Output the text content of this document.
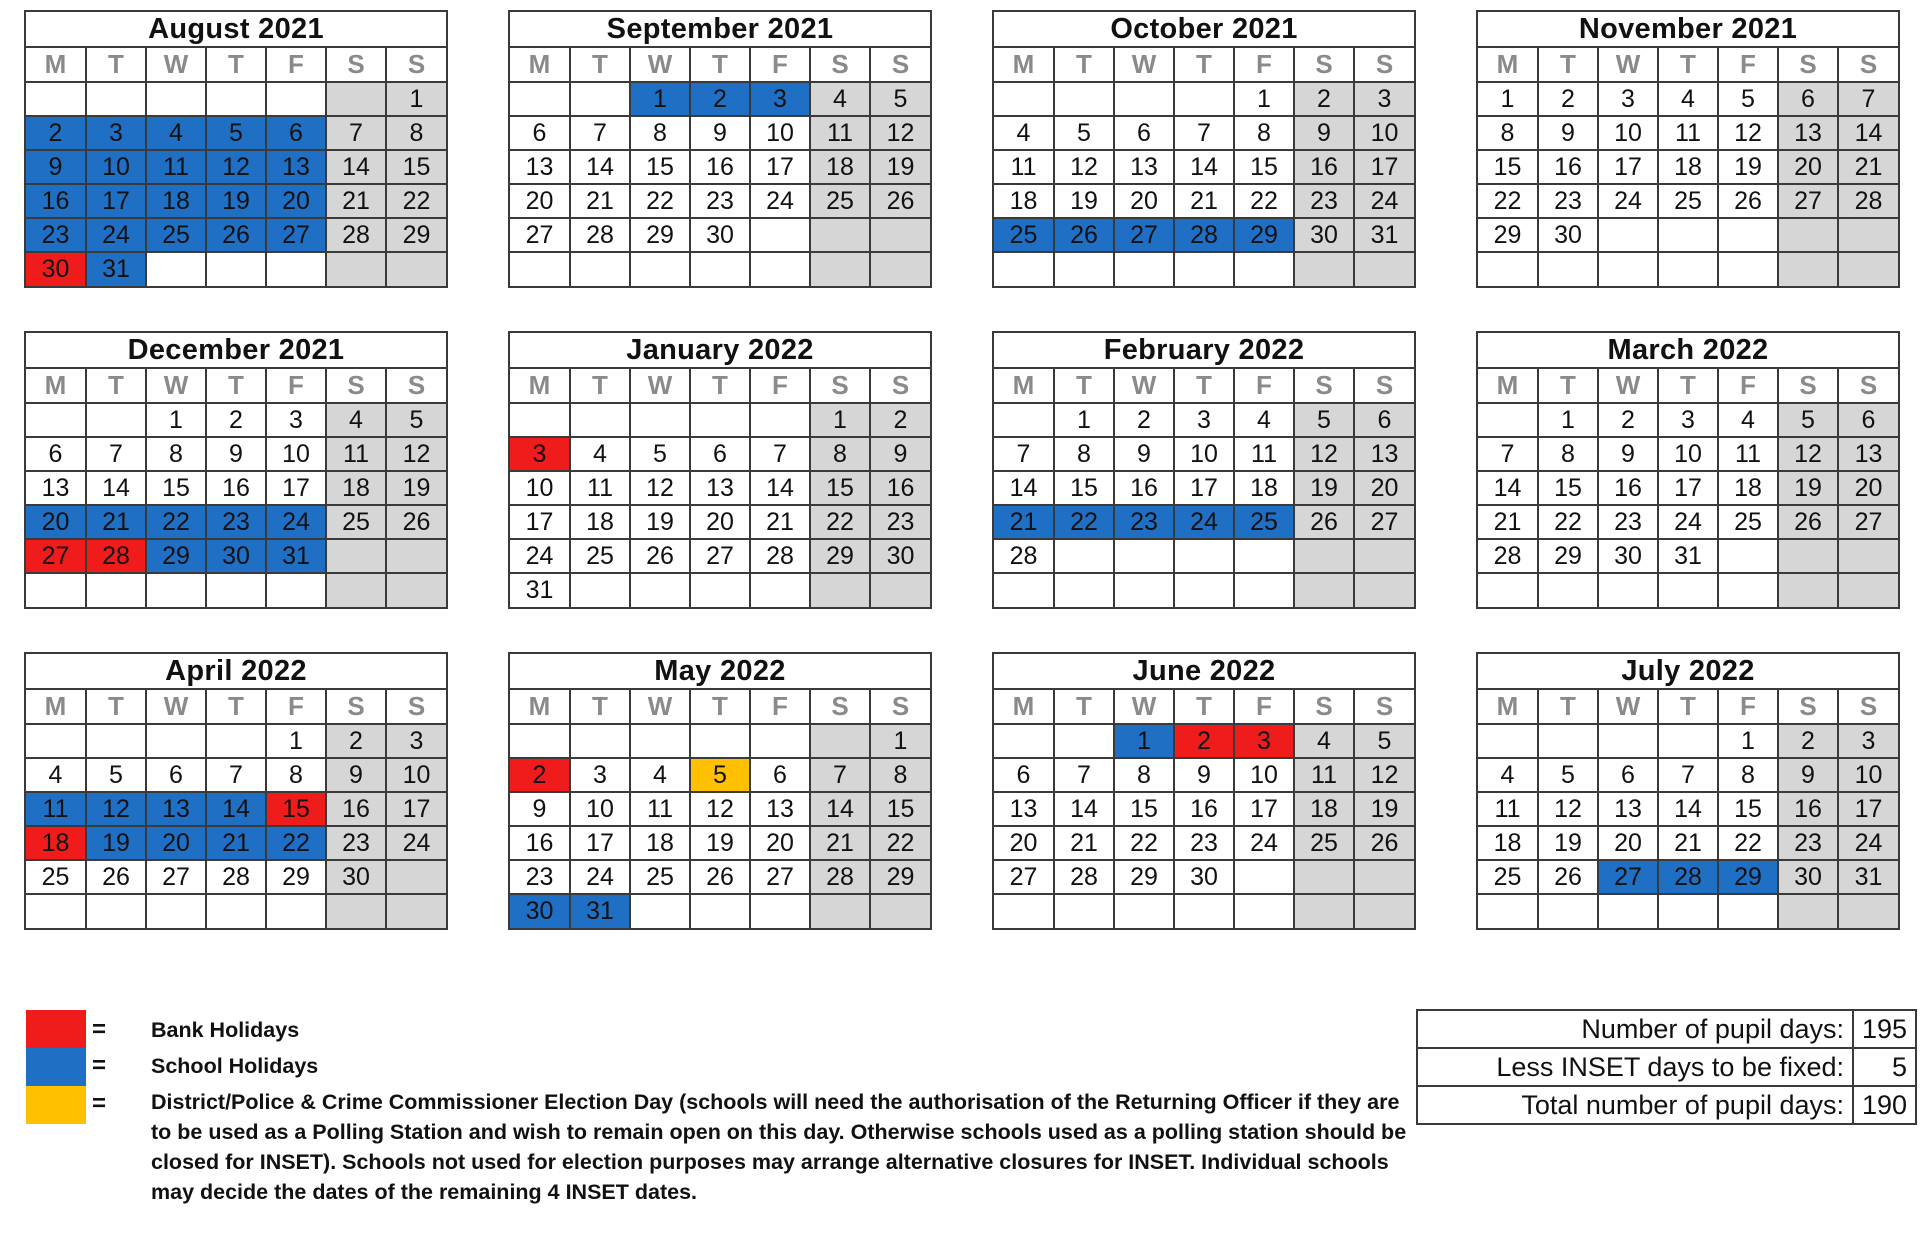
August 2021
M	T	W	T	F	S	S
						1
2	3	4	5	6	7	8
9	10	11	12	13	14	15
16	17	18	19	20	21	22
23	24	25	26	27	28	29
30	31					
September 2021
M	T	W	T	F	S	S
		1	2	3	4	5
6	7	8	9	10	11	12
13	14	15	16	17	18	19
20	21	22	23	24	25	26
27	28	29	30			

October 2021
M	T	W	T	F	S	S
				1	2	3
4	5	6	7	8	9	10
11	12	13	14	15	16	17
18	19	20	21	22	23	24
25	26	27	28	29	30	31

November 2021
M	T	W	T	F	S	S
1	2	3	4	5	6	7
8	9	10	11	12	13	14
15	16	17	18	19	20	21
22	23	24	25	26	27	28
29	30					

December 2021
M	T	W	T	F	S	S
		1	2	3	4	5
6	7	8	9	10	11	12
13	14	15	16	17	18	19
20	21	22	23	24	25	26
27	28	29	30	31		

January 2022
M	T	W	T	F	S	S
					1	2
3	4	5	6	7	8	9
10	11	12	13	14	15	16
17	18	19	20	21	22	23
24	25	26	27	28	29	30
31						
February 2022
M	T	W	T	F	S	S
	1	2	3	4	5	6
7	8	9	10	11	12	13
14	15	16	17	18	19	20
21	22	23	24	25	26	27
28						

March 2022
M	T	W	T	F	S	S
	1	2	3	4	5	6
7	8	9	10	11	12	13
14	15	16	17	18	19	20
21	22	23	24	25	26	27
28	29	30	31			

April 2022
M	T	W	T	F	S	S
				1	2	3
4	5	6	7	8	9	10
11	12	13	14	15	16	17
18	19	20	21	22	23	24
25	26	27	28	29	30	

May 2022
M	T	W	T	F	S	S
						1
2	3	4	5	6	7	8
9	10	11	12	13	14	15
16	17	18	19	20	21	22
23	24	25	26	27	28	29
30	31					
June 2022
M	T	W	T	F	S	S
		1	2	3	4	5
6	7	8	9	10	11	12
13	14	15	16	17	18	19
20	21	22	23	24	25	26
27	28	29	30			

July 2022
M	T	W	T	F	S	S
				1	2	3
4	5	6	7	8	9	10
11	12	13	14	15	16	17
18	19	20	21	22	23	24
25	26	27	28	29	30	31

= Bank Holidays
= School Holidays
= District/Police & Crime Commissioner Election Day (schools will need the authorisation of the Returning Officer if they are to be used as a Polling Station and wish to remain open on this day. Otherwise schools used as a polling station should be closed for INSET). Schools not used for election purposes may arrange alternative closures for INSET. Individual schools may decide the dates of the remaining 4 INSET dates.
Number of pupil days:	195
Less INSET days to be fixed:	5
Total number of pupil days:	190
